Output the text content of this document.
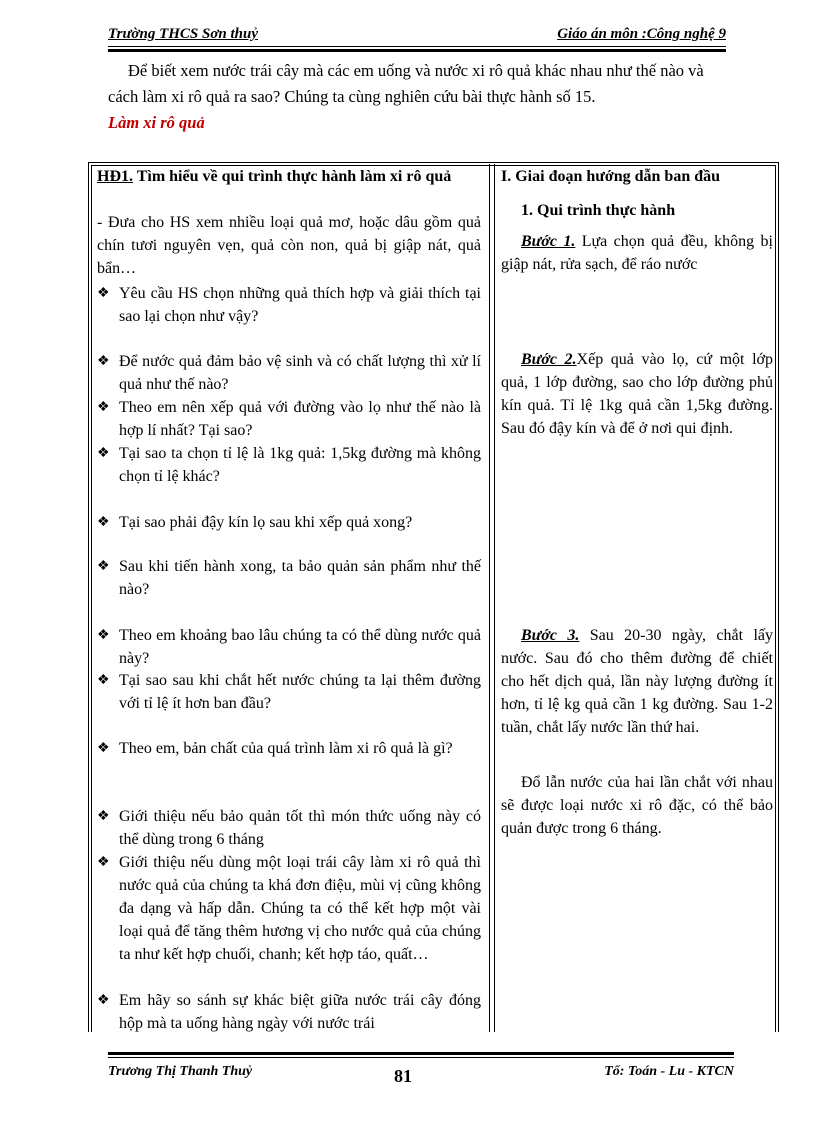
Trường THCS Sơn thuỷ	Giáo án môn :Công nghệ 9

Để biết xem nước trái cây mà các em uống và nước xi rô quả khác nhau như thế nào và cách làm xi rô quả ra sao? Chúng ta cùng nghiên cứu bài thực hành số 15.

Làm xi rô quả
HĐ1. Tìm hiểu về qui trình thực hành làm xi rô quả
- Đưa cho HS xem nhiều loại quả mơ, hoặc dâu gồm quả chín tươi nguyên vẹn, quả còn non, quả bị giập nát, quả bẩn…
❖ Yêu cầu HS chọn những quả thích hợp và giải thích tại sao lại chọn như vậy?
❖ Để nước quả đảm bảo vệ sinh và có chất lượng thì xử lí quả như thế nào?
❖ Theo em nên xếp quả với đường vào lọ như thế nào là hợp lí nhất? Tại sao?
❖ Tại sao ta chọn tỉ lệ là 1kg quả: 1,5kg đường mà không chọn tỉ lệ khác?
❖ Tại sao phải đậy kín lọ sau khi xếp quả xong?
❖ Sau khi tiến hành xong, ta bảo quản sản phẩm như thế nào?
❖ Theo em khoảng bao lâu chúng ta có thể dùng nước quả này?
❖ Tại sao sau khi chắt hết nước chúng ta lại thêm đường với tỉ lệ ít hơn ban đầu?
❖ Theo em, bản chất của quá trình làm xi rô quả là gì?
❖ Giới thiệu nếu bảo quản tốt thì món thức uống này có thể dùng trong 6 tháng
❖ Giới thiệu nếu dùng một loại trái cây làm xi rô quả thì nước quả của chúng ta khá đơn điệu, mùi vị cũng không đa dạng và hấp dẫn. Chúng ta có thể kết hợp một vài loại quả để tăng thêm hương vị cho nước quả của chúng ta như kết hợp chuối, chanh; kết hợp táo, quất…
❖ Em hãy so sánh sự khác biệt giữa nước trái cây đóng hộp mà ta uống hàng ngày với nước trái
I. Giai đoạn hướng dẫn ban đầu
1. Qui trình thực hành
Bước 1. Lựa chọn quả đều, không bị giập nát, rửa sạch, để ráo nước
Bước 2.Xếp quả vào lọ, cứ một lớp quả, 1 lớp đường, sao cho lớp đường phủ kín quả. Tỉ lệ 1kg quả cần 1,5kg đường. Sau đó đậy kín và để ở nơi qui định.
Bước 3. Sau 20-30 ngày, chắt lấy nước. Sau đó cho thêm đường để chiết cho hết dịch quả, lần này lượng đường ít hơn, tỉ lệ kg quả cần 1 kg đường. Sau 1-2 tuần, chắt lấy nước lần thứ hai.
Đổ lẫn nước của hai lần chắt với nhau sẽ được loại nước xi rô đặc, có thể bảo quản được trong 6 tháng.
Trương Thị Thanh Thuỷ	81	Tổ: Toán - Lu - KTCN
